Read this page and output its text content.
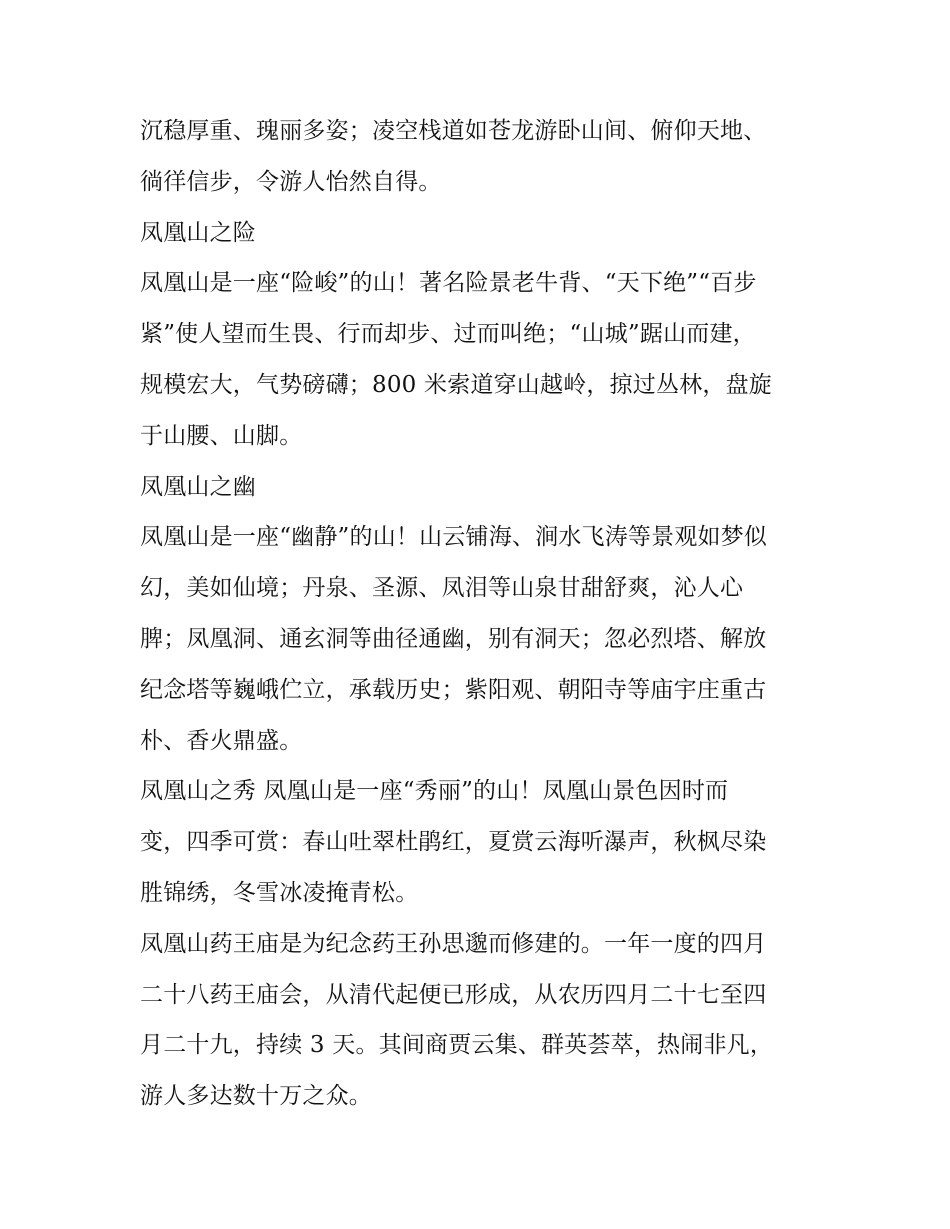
沉稳厚重、瑰丽多姿；凌空栈道如苍龙游卧山间、俯仰天地、
徜徉信步，令游人怡然自得。
凤凰山之险
凤凰山是一座“险峻”的山！著名险景老牛背、“天下绝”“百步
紧”使人望而生畏、行而却步、过而叫绝；“山城”踞山而建，
规模宏大，气势磅礴；800 米索道穿山越岭，掠过丛林，盘旋
于山腰、山脚。
凤凰山之幽
凤凰山是一座“幽静”的山！山云铺海、涧水飞涛等景观如梦似
幻，美如仙境；丹泉、圣源、凤泪等山泉甘甜舒爽，沁人心
脾；凤凰洞、通玄洞等曲径通幽，别有洞天；忽必烈塔、解放
纪念塔等巍峨伫立，承载历史；紫阳观、朝阳寺等庙宇庄重古
朴、香火鼎盛。
凤凰山之秀 凤凰山是一座“秀丽”的山！凤凰山景色因时而
变，四季可赏：春山吐翠杜鹃红，夏赏云海听瀑声，秋枫尽染
胜锦绣，冬雪冰凌掩青松。
凤凰山药王庙是为纪念药王孙思邈而修建的。一年一度的四月
二十八药王庙会，从清代起便已形成，从农历四月二十七至四
月二十九，持续 3 天。其间商贾云集、群英荟萃，热闹非凡，
游人多达数十万之众。
